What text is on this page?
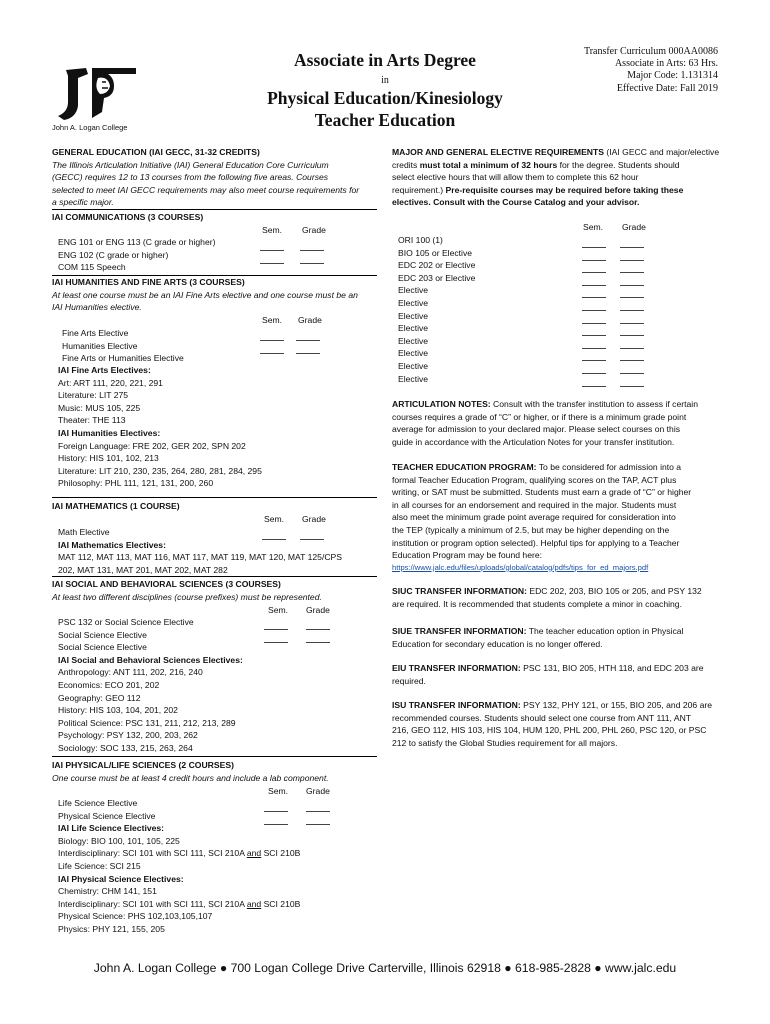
John A. Logan College
Associate in Arts Degree
in
Physical Education/Kinesiology
Teacher Education
Transfer Curriculum 000AA0086
Associate in Arts: 63 Hrs.
Major Code: 1.131314
Effective Date: Fall 2019

GENERAL EDUCATION (IAI GECC, 31-32 CREDITS)

The Illinois Articulation Initiative (IAI) General Education Core Curriculum

(GECC) requires 12 to 13 courses from the following five areas. Courses

selected to meet IAI GECC requirements may also meet course requirements for

a specific major.

IAI COMMUNICATIONS (3 COURSES)

Sem. Grade

ENG 101 or ENG 113 (C grade or higher)

ENG 102 (C grade or higher)

COM 115 Speech

IAI HUMANITIES AND FINE ARTS (3 COURSES)

At least one course must be an IAI Fine Arts elective and one course must be an

IAI Humanities elective.

Sem. Grade

Fine Arts Elective

Humanities Elective

Fine Arts or Humanities Elective

IAI Fine Arts Electives:

Art: ART 111, 220, 221, 291

Literature: LIT 275

Music: MUS 105, 225

Theater: THE 113

IAI Humanities Electives:

Foreign Language: FRE 202, GER 202, SPN 202

History: HIS 101, 102, 213

Literature: LIT 210, 230, 235, 264, 280, 281, 284, 295

Philosophy: PHL 111, 121, 131, 200, 260

IAI MATHEMATICS (1 COURSE)

Sem. Grade

Math Elective

IAI Mathematics Electives:

MAT 112, MAT 113, MAT 116, MAT 117, MAT 119, MAT 120, MAT 125/CPS

202, MAT 131, MAT 201, MAT 202, MAT 282

IAI SOCIAL AND BEHAVIORAL SCIENCES (3 COURSES)

At least two different disciplines (course prefixes) must be represented.

Sem. Grade

PSC 132 or Social Science Elective

Social Science Elective

Social Science Elective

IAI Social and Behavioral Sciences Electives:

Anthropology: ANT 111, 202, 216, 240

Economics: ECO 201, 202

Geography: GEO 112

History: HIS 103, 104, 201, 202

Political Science: PSC 131, 211, 212, 213, 289

Psychology: PSY 132, 200, 203, 262

Sociology: SOC 133, 215, 263, 264

IAI PHYSICAL/LIFE SCIENCES (2 COURSES)

One course must be at least 4 credit hours and include a lab component.

Sem. Grade

Life Science Elective

Physical Science Elective

IAI Life Science Electives:

Biology: BIO 100, 101, 105, 225

Interdisciplinary: SCI 101 with SCI 111, SCI 210A and SCI 210B

Life Science: SCI 215

IAI Physical Science Electives:

Chemistry: CHM 141, 151

Interdisciplinary: SCI 101 with SCI 111, SCI 210A and SCI 210B

Physical Science: PHS 102,103,105,107

Physics: PHY 121, 155, 205

MAJOR AND GENERAL ELECTIVE REQUIREMENTS (IAI GECC and major/elective

credits must total a minimum of 32 hours for the degree. Students should

select elective hours that will allow them to complete this 62 hour

requirement.) Pre-requisite courses may be required before taking these

electives. Consult with the Course Catalog and your advisor.

Sem. Grade

ORI 100 (1)

BIO 105 or Elective

EDC 202 or Elective

EDC 203 or Elective

Elective

Elective

Elective

Elective

Elective

Elective

Elective

Elective

ARTICULATION NOTES: Consult with the transfer institution to assess if certain

courses requires a grade of “C” or higher, or if there is a minimum grade point

average for admission to your declared major. Please select courses on this

guide in accordance with the Articulation Notes for your transfer institution.

TEACHER EDUCATION PROGRAM: To be considered for admission into a

formal Teacher Education Program, qualifying scores on the TAP, ACT plus

writing, or SAT must be submitted. Students must earn a grade of “C” or higher

in all courses for an endorsement and required in the major. Students must

also meet the minimum grade point average required for consideration into

the TEP (typically a minimum of 2.5, but may be higher depending on the

institution or program option selected). Helpful tips for applying to a Teacher

Education Program may be found here:

https://www.jalc.edu/files/uploads/global/catalog/pdfs/tips_for_ed_majors.pdf

SIUC TRANSFER INFORMATION: EDC 202, 203, BIO 105 or 205, and PSY 132

are required. It is recommended that students complete a minor in coaching.

SIUE TRANSFER INFORMATION: The teacher education option in Physical

Education for secondary education is no longer offered.

EIU TRANSFER INFORMATION: PSC 131, BIO 205, HTH 118, and EDC 203 are

required.

ISU TRANSFER INFORMATION: PSY 132, PHY 121, or 155, BIO 205, and 206 are

recommended courses. Students should select one course from ANT 111, ANT

216, GEO 112, HIS 103, HIS 104, HUM 120, PHL 200, PHL 260, PSC 120, or PSC

212 to satisfy the Global Studies requirement for all majors.

John A. Logan College ● 700 Logan College Drive Carterville, Illinois 62918 ● 618-985-2828 ● www.jalc.edu
